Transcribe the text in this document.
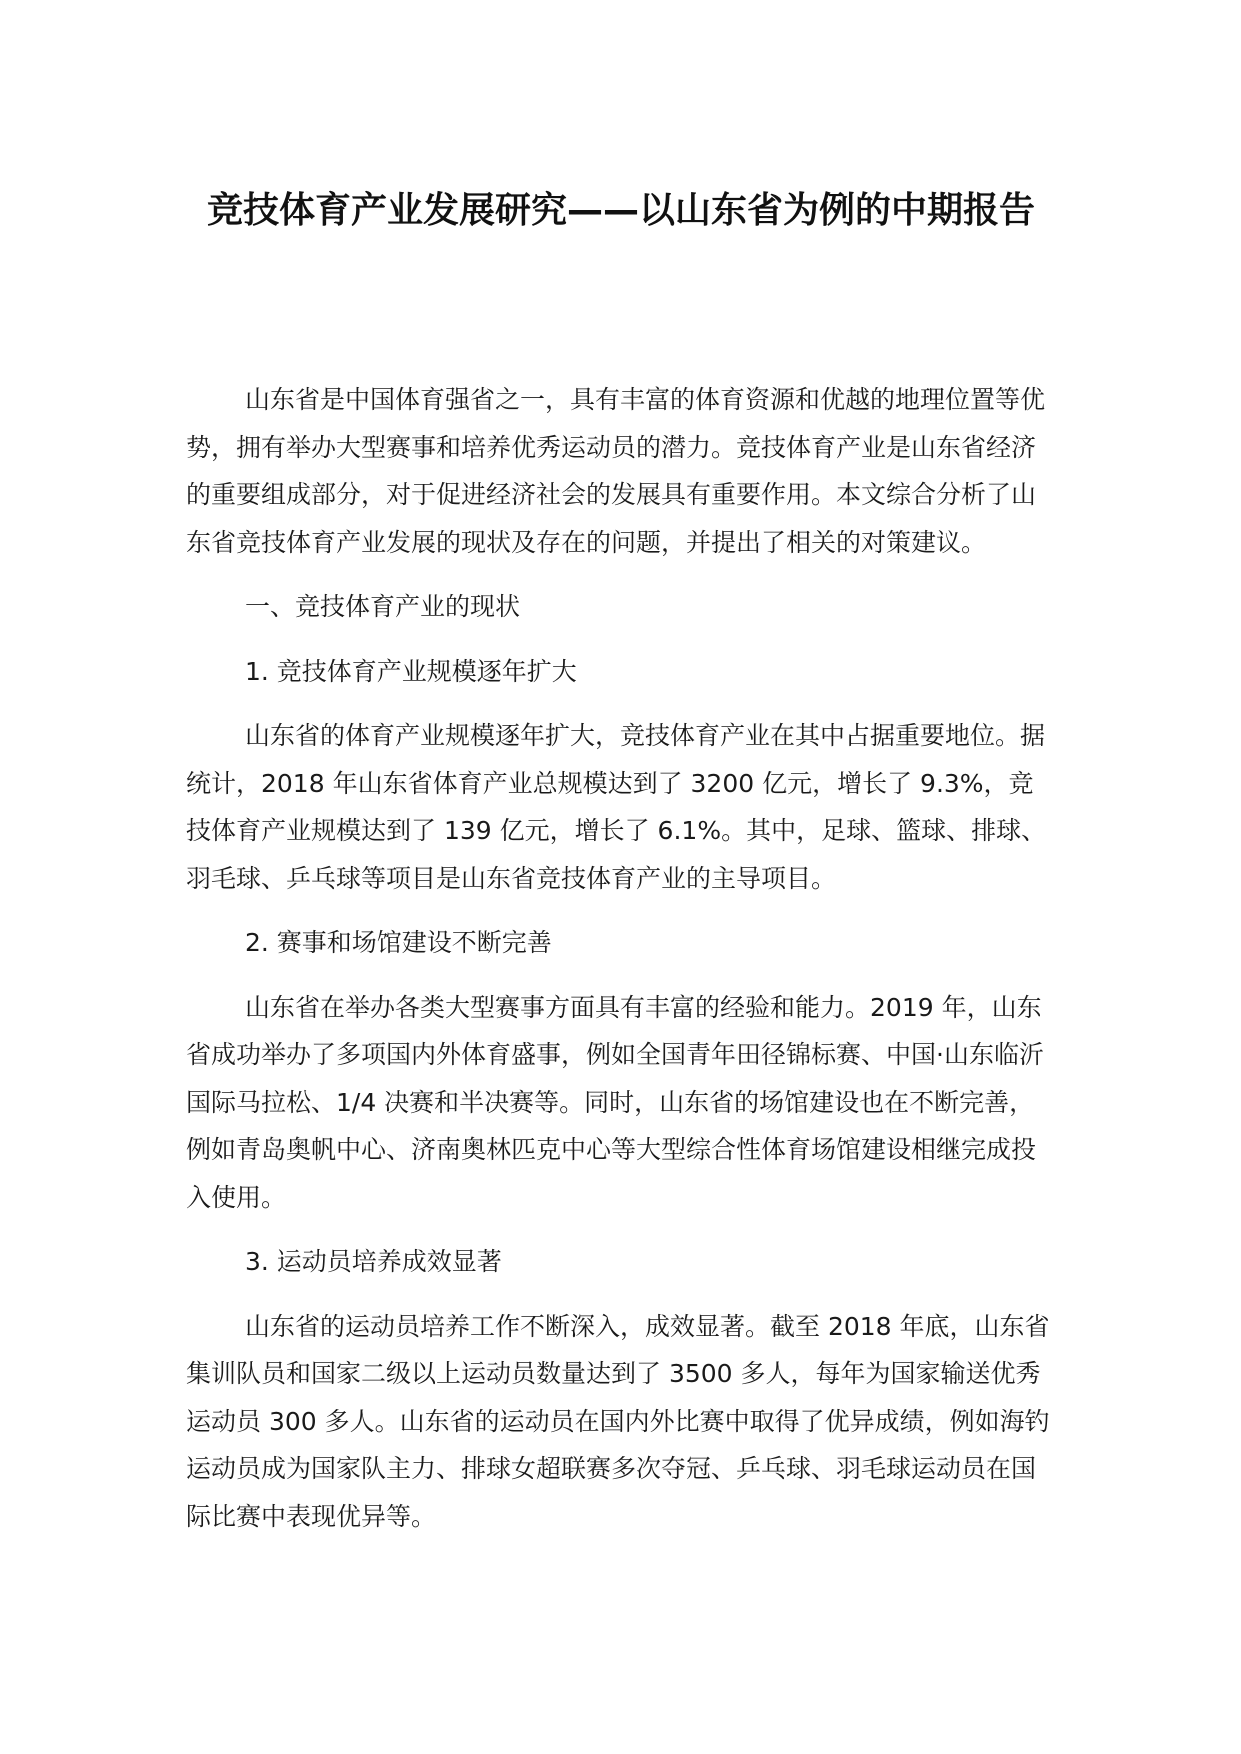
竞技体育产业发展研究——以山东省为例的中期报告

山东省是中国体育强省之一，具有丰富的体育资源和优越的地理位置等优势，拥有举办大型赛事和培养优秀运动员的潜力。竞技体育产业是山东省经济的重要组成部分，对于促进经济社会的发展具有重要作用。本文综合分析了山东省竞技体育产业发展的现状及存在的问题，并提出了相关的对策建议。

一、竞技体育产业的现状

1. 竞技体育产业规模逐年扩大

山东省的体育产业规模逐年扩大，竞技体育产业在其中占据重要地位。据统计，2018 年山东省体育产业总规模达到了 3200 亿元，增长了 9.3%，竞技体育产业规模达到了 139 亿元，增长了 6.1%。其中，足球、篮球、排球、羽毛球、乒乓球等项目是山东省竞技体育产业的主导项目。

2. 赛事和场馆建设不断完善

山东省在举办各类大型赛事方面具有丰富的经验和能力。2019 年，山东省成功举办了多项国内外体育盛事，例如全国青年田径锦标赛、中国·山东临沂国际马拉松、1/4 决赛和半决赛等。同时，山东省的场馆建设也在不断完善，例如青岛奥帆中心、济南奥林匹克中心等大型综合性体育场馆建设相继完成投入使用。

3. 运动员培养成效显著

山东省的运动员培养工作不断深入，成效显著。截至 2018 年底，山东省集训队员和国家二级以上运动员数量达到了 3500 多人，每年为国家输送优秀运动员 300 多人。山东省的运动员在国内外比赛中取得了优异成绩，例如海钓运动员成为国家队主力、排球女超联赛多次夺冠、乒乓球、羽毛球运动员在国际比赛中表现优异等。
